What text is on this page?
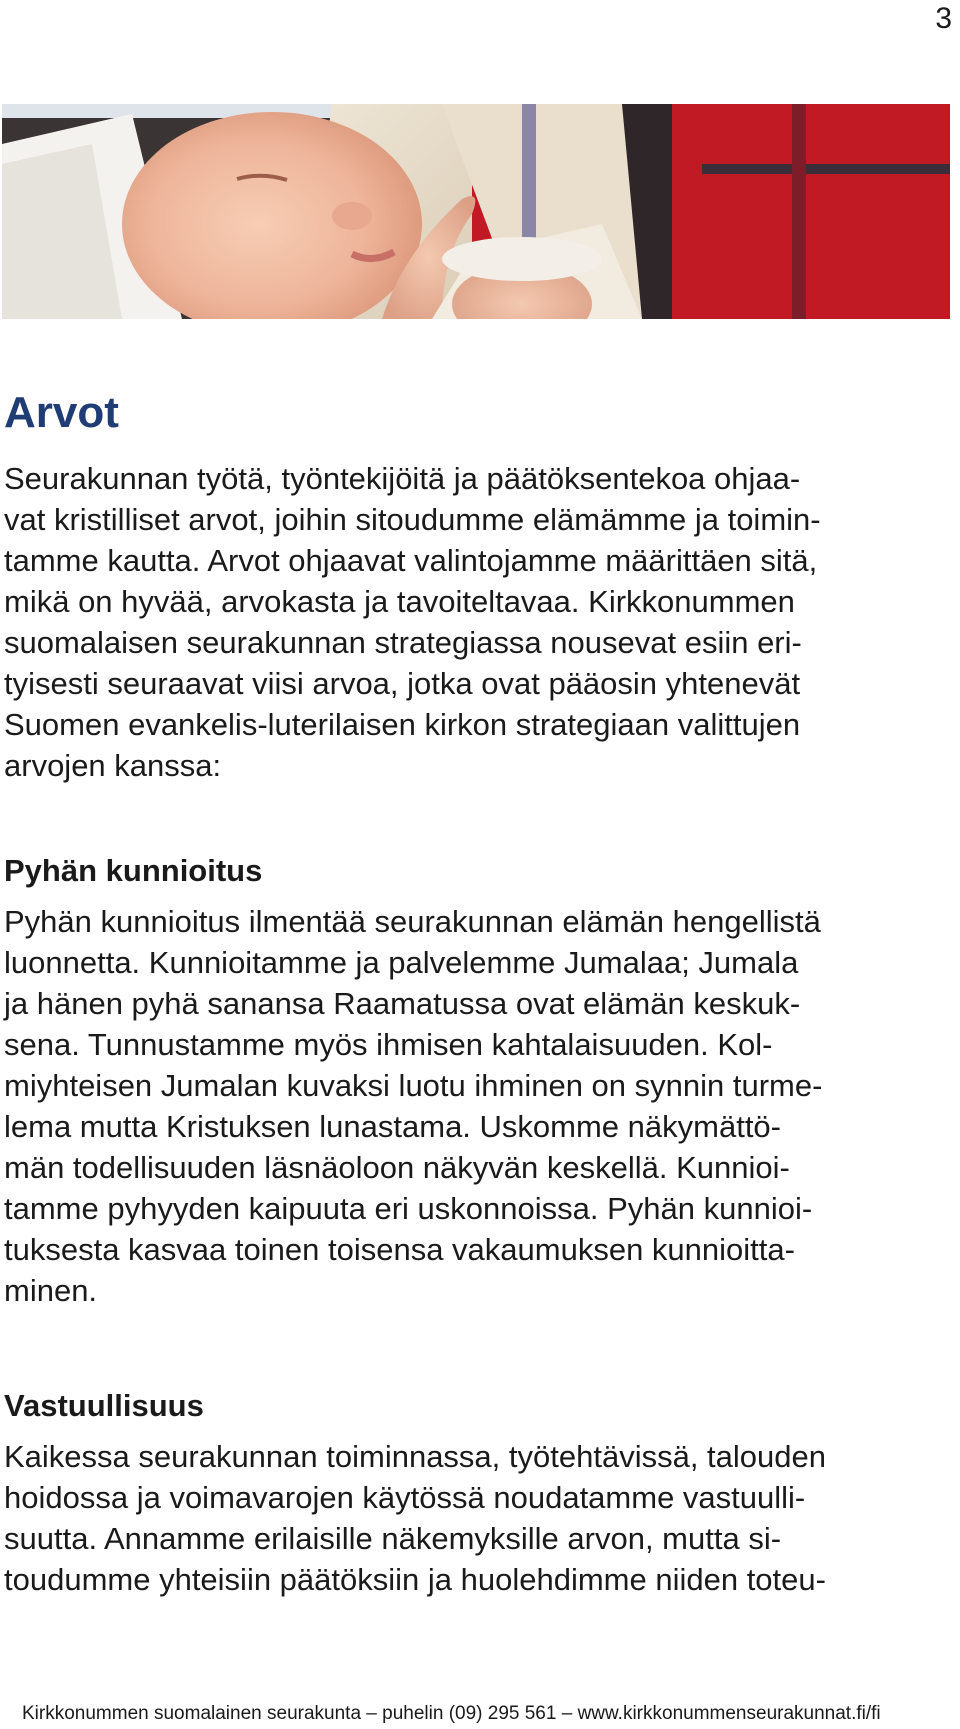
3
Arvot

Seurakunnan työtä, työntekijöitä ja päätöksentekoa ohjaa-

vat kristilliset arvot, joihin sitoudumme elämämme ja toimin-

tamme kautta. Arvot ohjaavat valintojamme määrittäen sitä,

mikä on hyvää, arvokasta ja tavoiteltavaa. Kirkkonummen

suomalaisen seurakunnan strategiassa nousevat esiin eri-

tyisesti seuraavat viisi arvoa, jotka ovat pääosin yhtenevät

Suomen evankelis-luterilaisen kirkon strategiaan valittujen

arvojen kanssa:

Pyhän kunnioitus

Pyhän kunnioitus ilmentää seurakunnan elämän hengellistä

luonnetta. Kunnioitamme ja palvelemme Jumalaa; Jumala

ja hänen pyhä sanansa Raamatussa ovat elämän keskuk-

sena. Tunnustamme myös ihmisen kahtalaisuuden. Kol-

miyhteisen Jumalan kuvaksi luotu ihminen on synnin turme-

lema mutta Kristuksen lunastama. Uskomme näkymättö-

män todellisuuden läsnäoloon näkyvän keskellä. Kunnioi-

tamme pyhyyden kaipuuta eri uskonnoissa. Pyhän kunnioi-

tuksesta kasvaa toinen toisensa vakaumuksen kunnioitta-

minen.

Vastuullisuus

Kaikessa seurakunnan toiminnassa, työtehtävissä, talouden

hoidossa ja voimavarojen käytössä noudatamme vastuulli-

suutta. Annamme erilaisille näkemyksille arvon, mutta si-

toudumme yhteisiin päätöksiin ja huolehdimme niiden toteu-

Kirkkonummen suomalainen seurakunta – puhelin (09) 295 561 – www.kirkkonummenseurakunnat.fi/fi
